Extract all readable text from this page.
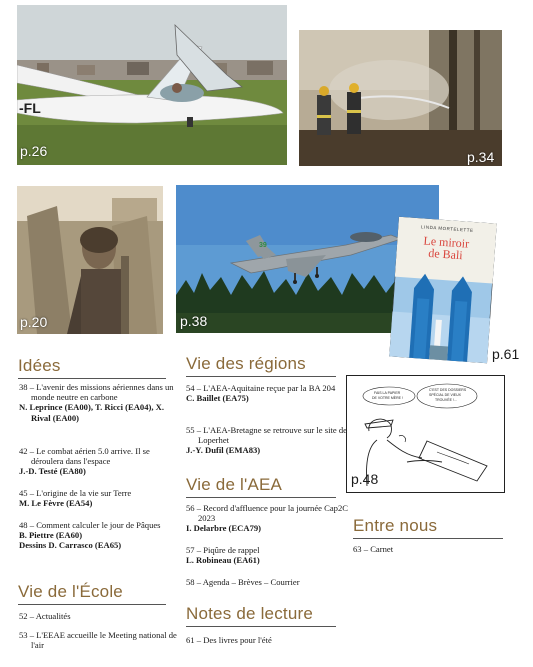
-FL
p.26	p.34
p.20
39
p.38
LINDA MORTELETTE
Le miroir
de Bali
p.61
FAIS LA PAPIER
DE VOTRE MÈRE !
C'EST DES DOSSIERS
SPÉCIAL DE VIEUX
TROUVÉE !...
p.48
Idées
38 – L'avenir des missions aériennes dans un monde neutre en carbone
N. Leprince (EA00), T. Ricci (EA04), X. Rival (EA00)
42 – Le combat aérien 5.0 arrive. Il se déroulera dans l'espace
J.-D. Testé (EA80)
45 – L'origine de la vie sur Terre
M. Le Fèvre (EA54)
48 – Comment calculer le jour de Pâques
B. Piettre (EA60)
Dessins D. Carrasco (EA65)
Vie de l'École
52 – Actualités
53 – L'EEAE accueille le Meeting national de l'air
Vie des régions
54 – L'AEA-Aquitaine reçue par la BA 204
C. Baillet (EA75)
55 – L'AEA-Bretagne se retrouve sur le site de Loperhet
J.-Y. Dufil (EMA83)
Vie de l'AEA
56 – Record d'affluence pour la journée Cap2C 2023
I. Delarbre (ECA79)
57 – Piqûre de rappel
L. Robineau (EA61)
58 – Agenda – Brèves – Courrier
Notes de lecture
61 – Des livres pour l'été
Entre nous
63 – Carnet
